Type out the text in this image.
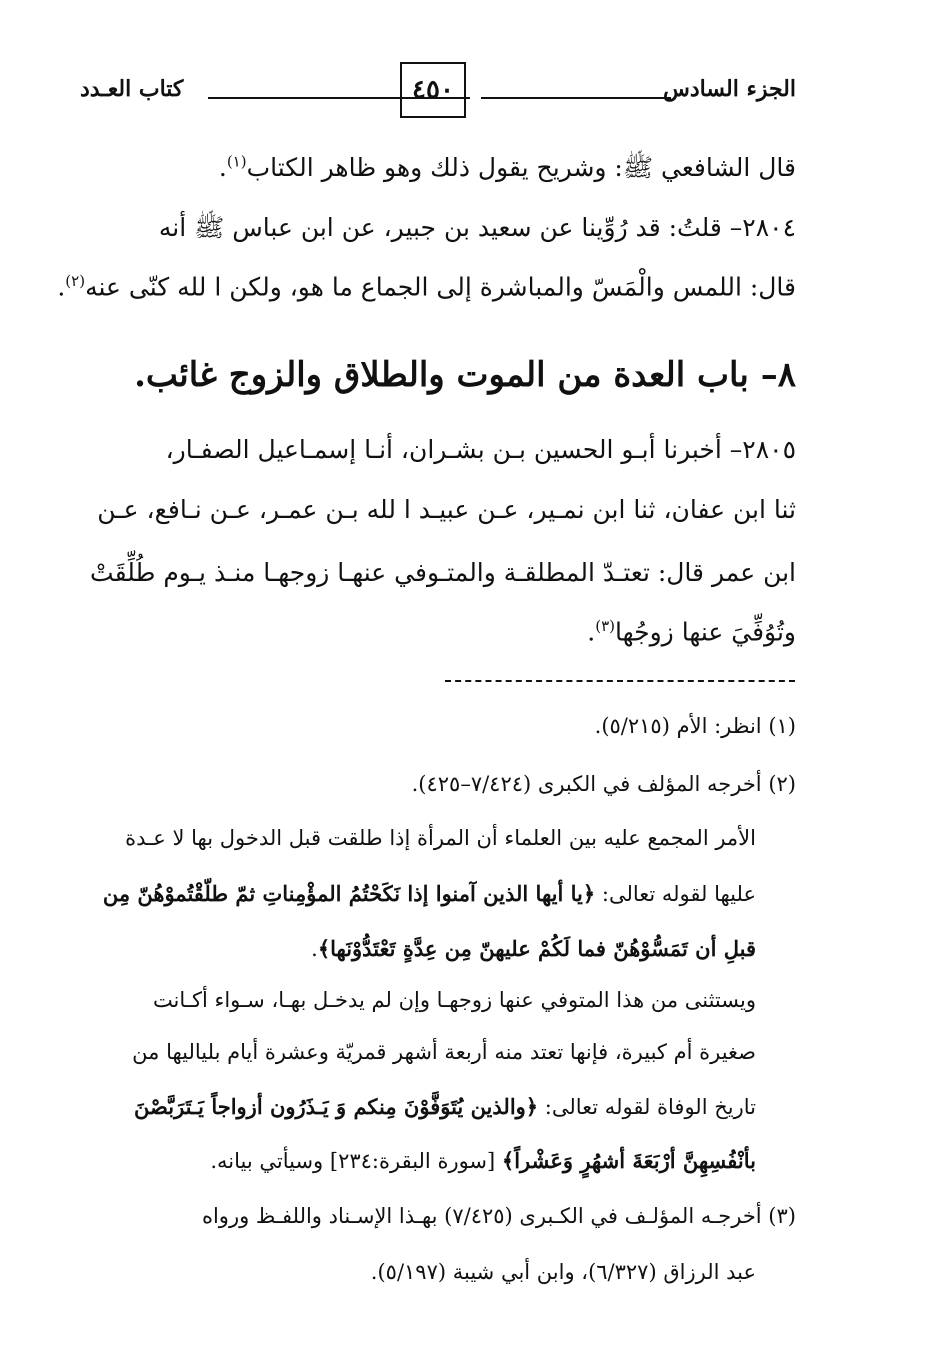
الجزء السادس
٤٥٠
كتاب العـدد
قال الشافعي ﷺ: وشريح يقول ذلك وهو ظاهر الكتاب$^{(١)}$.
٢٨٠٤– قلتُ: قد رُوِّينا عن سعيد بن جبير، عن ابن عباس ﷺ أنه
قال: اللمس والْمَسّ والمباشرة إلى الجماع ما هو، ولكن ا لله كنّى عنه$^{(٢)}$.
٨– باب العدة من الموت والطلاق والزوج غائب.
٢٨٠٥– أخبرنا أبـو الحسين بـن بشـران، أنـا إسمـاعيل الصفـار،
ثنا ابن عفان، ثنا ابن نمـير، عـن عبيـد ا لله بـن عمـر، عـن نـافع، عـن
ابن عمر قال: تعتـدّ المطلقـة والمتـوفي عنهـا زوجهـا منـذ يـوم طُلِّقَتْ
وتُوُفِّيَ عنها زوجُها$^{(٣)}$.
(١) انظر: الأم (٥/٢١٥).
(٢) أخرجه المؤلف في الكبرى (٧/٤٢٤–٤٢٥).
الأمر المجمع عليه بين العلماء أن المرأة إذا طلقت قبل الدخول بها لا عـدة
عليها لقوله تعالى: ﴿يا أيها الذين آمنوا إذا نَكَحْتُمُ المؤْمِناتِ ثمّ طلّقْتُموْهُنّ مِن
قبلِ أن تَمَسُّوْهُنّ فما لَكُمْ عليهنّ مِن عِدَّةٍ تَعْتَدُّوْنَها﴾.
ويستثنى من هذا المتوفي عنها زوجهـا وإن لم يدخـل بهـا، سـواء أكـانت
صغيرة أم كبيرة، فإنها تعتد منه أربعة أشهر قمريّة وعشرة أيام بلياليها من
تاريخ الوفاة لقوله تعالى: ﴿والذين يُتَوَفَّوْنَ مِنكم وَ يَـذَرُون أزواجاً يَـتَرَبَّصْنَ
بأنْفُسِهِنَّ أرْبَعَةَ أشهُرٍ وَعَشْراً﴾ [سورة البقرة:٢٣٤] وسيأتي بيانه.
(٣) أخرجـه المؤلـف في الكـبرى (٧/٤٢٥) بهـذا الإسـناد واللفـظ ورواه
عبد الرزاق (٦/٣٢٧)، وابن أبي شيبة (٥/١٩٧).
